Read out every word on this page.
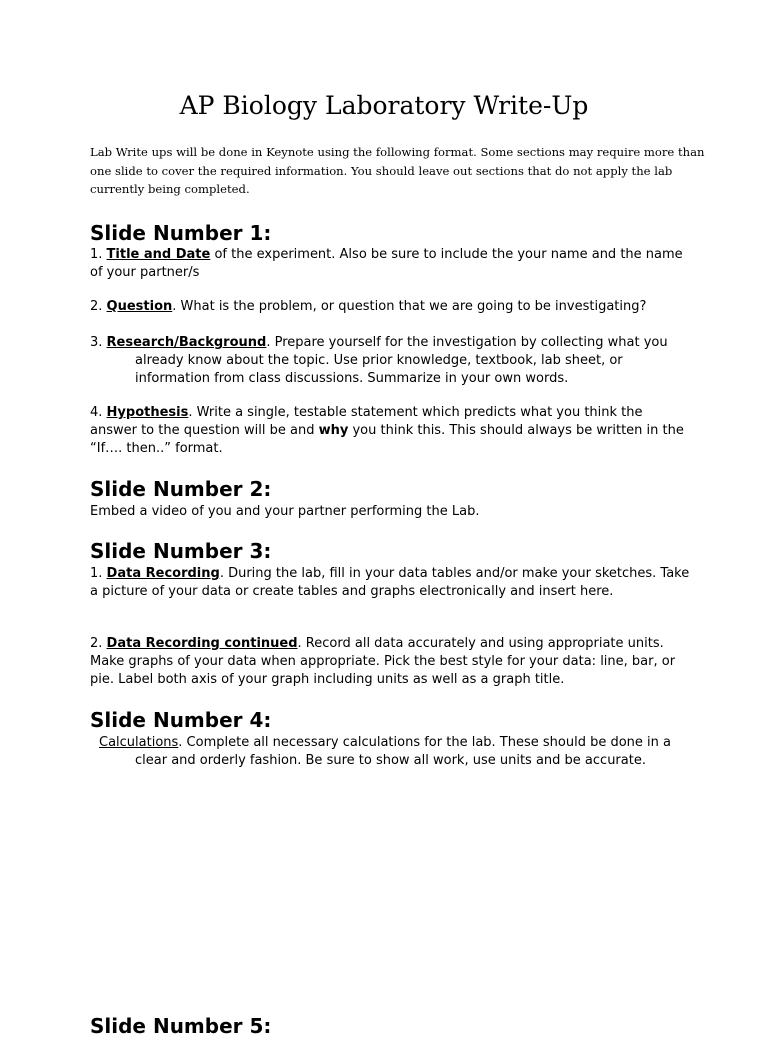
AP Biology Laboratory Write-Up

Lab Write ups will be done in Keynote using the following format. Some sections may require more than one slide to cover the required information. You should leave out sections that do not apply the lab currently being completed.

Slide Number 1:

1. Title and Date of the experiment. Also be sure to include the your name and the name of your partner/s

2. Question. What is the problem, or question that we are going to be investigating?

3. Research/Background. Prepare yourself for the investigation by collecting what you already know about the topic. Use prior knowledge, textbook, lab sheet, or information from class discussions. Summarize in your own words.

4. Hypothesis. Write a single, testable statement which predicts what you think the answer to the question will be and why you think this. This should always be written in the “If…. then..” format.

Slide Number 2:

Embed a video of you and your partner performing the Lab.

Slide Number 3:

1. Data Recording. During the lab, fill in your data tables and/or make your sketches. Take a picture of your data or create tables and graphs electronically and insert here.

2. Data Recording continued. Record all data accurately and using appropriate units. Make graphs of your data when appropriate. Pick the best style for your data: line, bar, or pie. Label both axis of your graph including units as well as a graph title.

Slide Number 4:

Calculations. Complete all necessary calculations for the lab. These should be done in a clear and orderly fashion. Be sure to show all work, use units and be accurate.

Slide Number 5:
